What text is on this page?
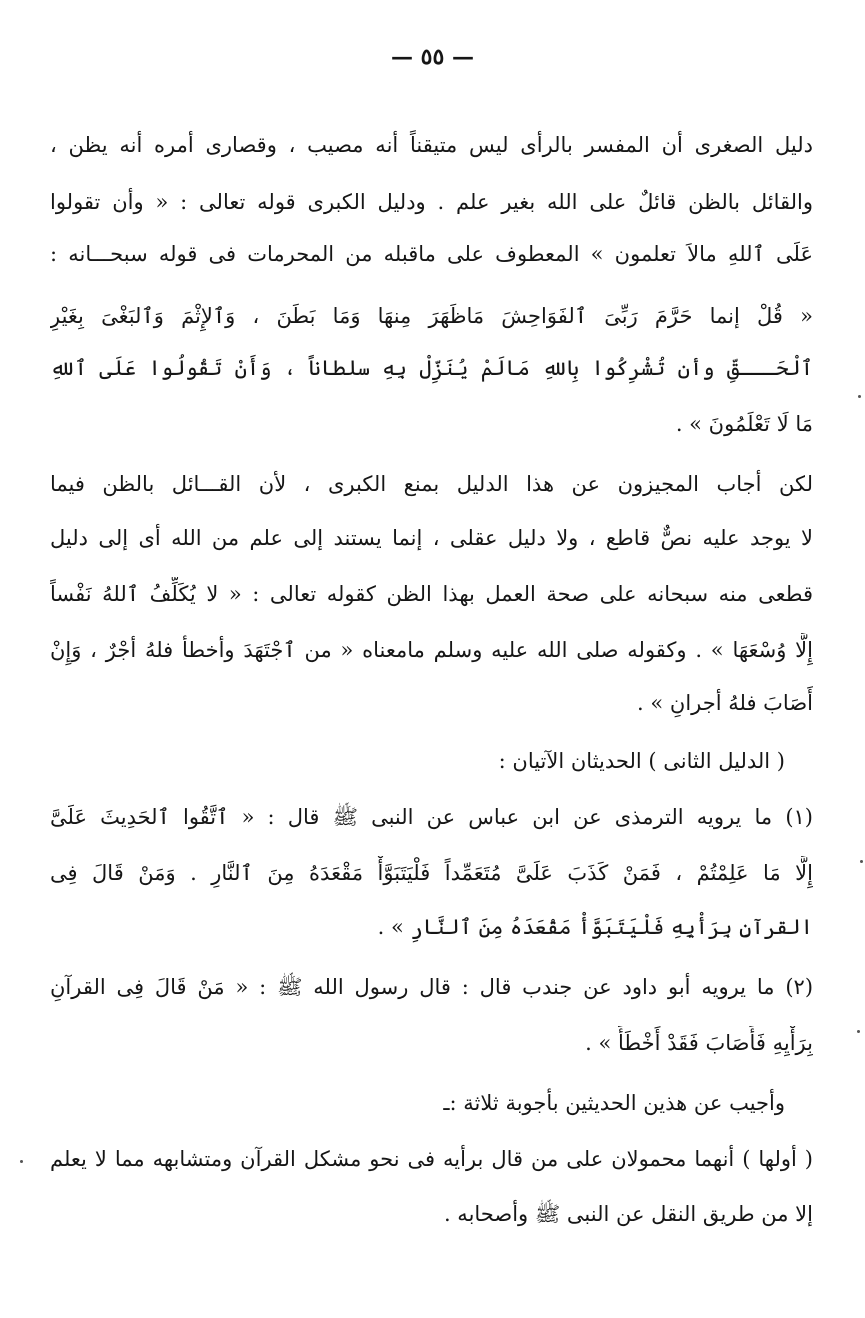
— ٥٥ —
دليل الصغرى أن المفسر بالرأى ليس متيقناً أنه مصيب ، وقصارى أمره أنه يظن ،
والقائل بالظن قائلٌ على الله بغير علم . ودليل الكبرى قوله تعالى : « وأن تقولوا
عَلَى ٱللهِ مالاَ تعلمون » المعطوف على ماقبله من المحرمات فى قوله سبحـــانه :
« قُلْ إنما حَرَّمَ رَبِّىَ ٱلفَوَاحِشَ مَاظَهَرَ مِنهَا وَمَا بَطَنَ ، وَٱلإِثْمَ وَٱلبَغْىَ بِغَيْرِ
ٱلْحَـــقِّ وأن تُشْرِكُوا بِاللهِ مَالَمْ يُنَزِّلْ بِهِ سلطاناً ، وَأَنْ تَقُولُوا عَلَى ٱللهِ
مَا لَا تَعْلَمُونَ » .
لكن أجاب المجيزون عن هذا الدليل بمنع الكبرى ، لأن القـــائل بالظن فيما
لا يوجد عليه نصٌّ قاطع ، ولا دليل عقلى ، إنما يستند إلى علم من الله أى إلى دليل
قطعى منه سبحانه على صحة العمل بهذا الظن كقوله تعالى : « لا يُكَلِّفُ ٱللهُ نَفْساً
إِلَّا وُسْعَهَا » . وكقوله صلى الله عليه وسلم مامعناه « من ٱجْتَهَدَ وأخطأ فلهُ أجْرٌ ، وَإِنْ
أَصَابَ فلهُ أجرانِ » .
( الدليل الثانى ) الحديثان الآتيان :
(١) ما يرويه الترمذى عن ابن عباس عن النبى ﷺ قال : « ٱتَّقُوا ٱلحَدِيثَ عَلَىَّ
إِلَّا مَا عَلِمْتُمْ ، فَمَنْ كَذَبَ عَلَىَّ مُتَعَمِّداً فَلْيَتَبَوَّأْ مَقْعَدَهُ مِنَ ٱلنَّارِ . وَمَنْ قَالَ فِى
القرآنِ بِرَأْيِهِ فَلْيَتَبَوَّأْ مَقْعَدَهُ مِنَ ٱلنَّارِ » .
(٢) ما يرويه أبو داود عن جندب قال : قال رسول الله ﷺ : « مَنْ قَالَ فِى القرآنِ
بِرَأْيِهِ فَأَصَابَ فَقَدْ أَخْطَأَ » .
وأجيب عن هذين الحديثين بأجوبة ثلاثة :ـ
( أولها ) أنهما محمولان على من قال برأيه فى نحو مشكل القرآن ومتشابهه مما لا يعلم
إلا من طريق النقل عن النبى ﷺ وأصحابه .
